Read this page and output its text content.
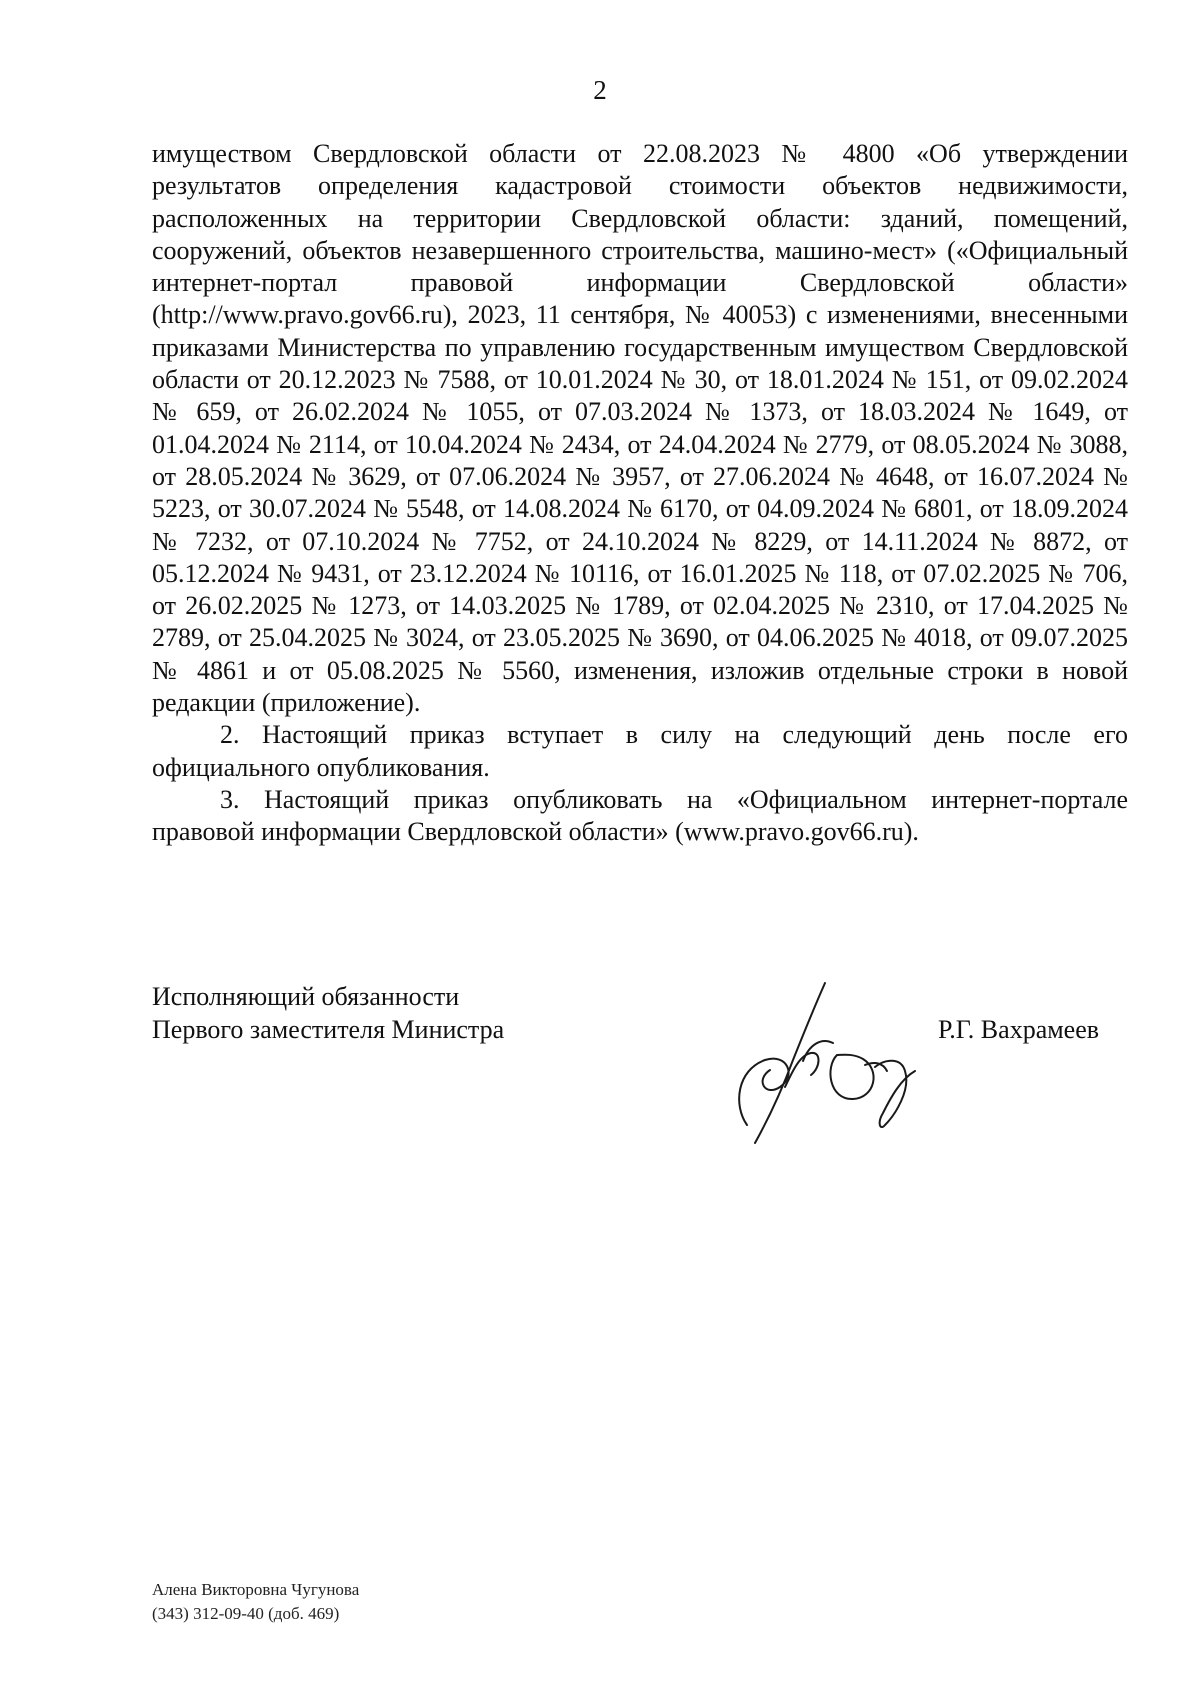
2

имуществом Свердловской области от 22.08.2023 № 4800 «Об утверждении результатов определения кадастровой стоимости объектов недвижимости, расположенных на территории Свердловской области: зданий, помещений, сооружений, объектов незавершенного строительства, машино-мест» («Официальный интернет-портал правовой информации Свердловской области» (http://www.pravo.gov66.ru), 2023, 11 сентября, № 40053) с изменениями, внесенными приказами Министерства по управлению государственным имуществом Свердловской области от 20.12.2023 № 7588, от 10.01.2024 № 30, от 18.01.2024 № 151, от 09.02.2024 № 659, от 26.02.2024 № 1055, от 07.03.2024 № 1373, от 18.03.2024 № 1649, от 01.04.2024 № 2114, от 10.04.2024 № 2434, от 24.04.2024 № 2779, от 08.05.2024 № 3088, от 28.05.2024 № 3629, от 07.06.2024 № 3957, от 27.06.2024 № 4648, от 16.07.2024 № 5223, от 30.07.2024 № 5548, от 14.08.2024 № 6170, от 04.09.2024 № 6801, от 18.09.2024 № 7232, от 07.10.2024 № 7752, от 24.10.2024 № 8229, от 14.11.2024 № 8872, от 05.12.2024 № 9431, от 23.12.2024 № 10116, от 16.01.2025 № 118, от 07.02.2025 № 706, от 26.02.2025 № 1273, от 14.03.2025 № 1789, от 02.04.2025 № 2310, от 17.04.2025 № 2789, от 25.04.2025 № 3024, от 23.05.2025 № 3690, от 04.06.2025 № 4018, от 09.07.2025 № 4861 и от 05.08.2025 № 5560, изменения, изложив отдельные строки в новой редакции (приложение).

2. Настоящий приказ вступает в силу на следующий день после его официального опубликования.

3. Настоящий приказ опубликовать на «Официальном интернет-портале правовой информации Свердловской области» (www.pravo.gov66.ru).

Исполняющий обязанности
Первого заместителя Министра	Р.Г. Вахрамеев
Алена Викторовна Чугунова
(343) 312-09-40 (доб. 469)
